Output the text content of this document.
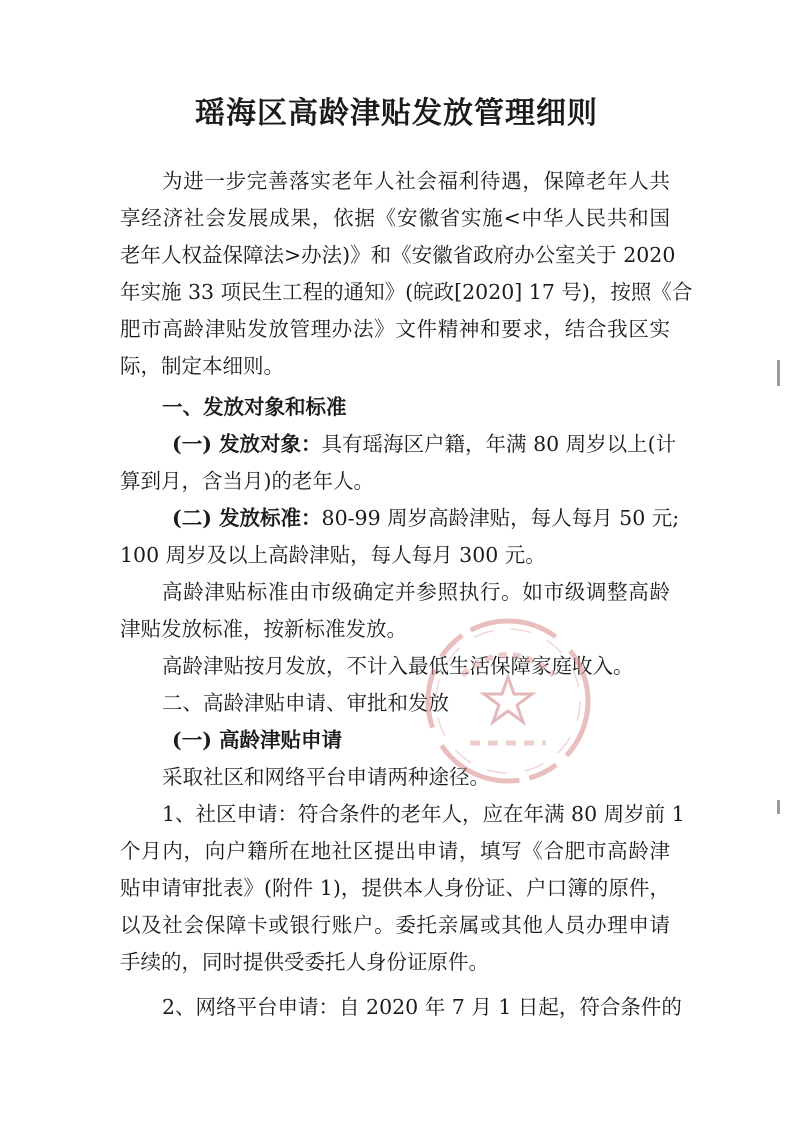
瑶海区高龄津贴发放管理细则
为进一步完善落实老年人社会福利待遇，保障老年人共
享经济社会发展成果，依据《安徽省实施<中华人民共和国
老年人权益保障法>办法)》和《安徽省政府办公室关于 2020
年实施 33 项民生工程的通知》(皖政[2020] 17 号)，按照《合
肥市高龄津贴发放管理办法》文件精神和要求，结合我区实
际，制定本细则。
一、发放对象和标准
(一) 发放对象：具有瑶海区户籍，年满 80 周岁以上(计
算到月，含当月)的老年人。
(二) 发放标准：80-99 周岁高龄津贴，每人每月 50 元;
100 周岁及以上高龄津贴，每人每月 300 元。
高龄津贴标准由市级确定并参照执行。如市级调整高龄
津贴发放标准，按新标准发放。
高龄津贴按月发放，不计入最低生活保障家庭收入。
二、高龄津贴申请、审批和发放
(一) 高龄津贴申请
采取社区和网络平台申请两种途径。
1、社区申请：符合条件的老年人，应在年满 80 周岁前 1
个月内，向户籍所在地社区提出申请，填写《合肥市高龄津
贴申请审批表》(附件 1)，提供本人身份证、户口簿的原件，
以及社会保障卡或银行账户。委托亲属或其他人员办理申请
手续的，同时提供受委托人身份证原件。
2、网络平台申请：自 2020 年 7 月 1 日起，符合条件的
